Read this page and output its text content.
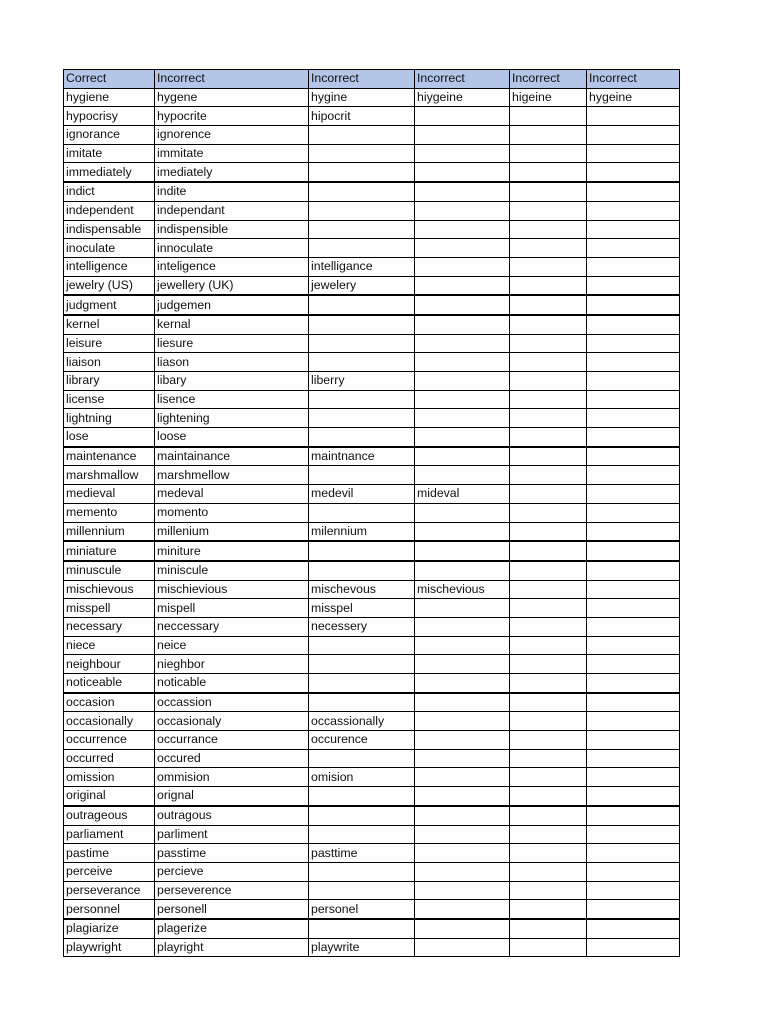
Correct	Incorrect	Incorrect	Incorrect	Incorrect	Incorrect
hygiene	hygene	hygine	hiygeine	higeine	hygeine
hypocrisy	hypocrite	hipocrit			
ignorance	ignorence				
imitate	immitate				
immediately	imediately				
indict	indite				
independent	independant				
indispensable	indispensible				
inoculate	innoculate				
intelligence	inteligence	intelligance			
jewelry (US)	jewellery (UK)	jewelery			
judgment	judgemen				
kernel	kernal				
leisure	liesure				
liaison	liason				
library	libary	liberry			
license	lisence				
lightning	lightening				
lose	loose				
maintenance	maintainance	maintnance			
marshmallow	marshmellow				
medieval	medeval	medevil	mideval		
memento	momento				
millennium	millenium	milennium			
miniature	miniture				
minuscule	miniscule				
mischievous	mischievious	mischevous	mischevious		
misspell	mispell	misspel			
necessary	neccessary	necessery			
niece	neice				
neighbour	nieghbor				
noticeable	noticable				
occasion	occassion				
occasionally	occasionaly	occassionally			
occurrence	occurrance	occurence			
occurred	occured				
omission	ommision	omision			
original	orignal				
outrageous	outragous				
parliament	parliment				
pastime	passtime	pasttime			
perceive	percieve				
perseverance	perseverence				
personnel	personell	personel			
plagiarize	plagerize				
playwright	playright	playwrite			
